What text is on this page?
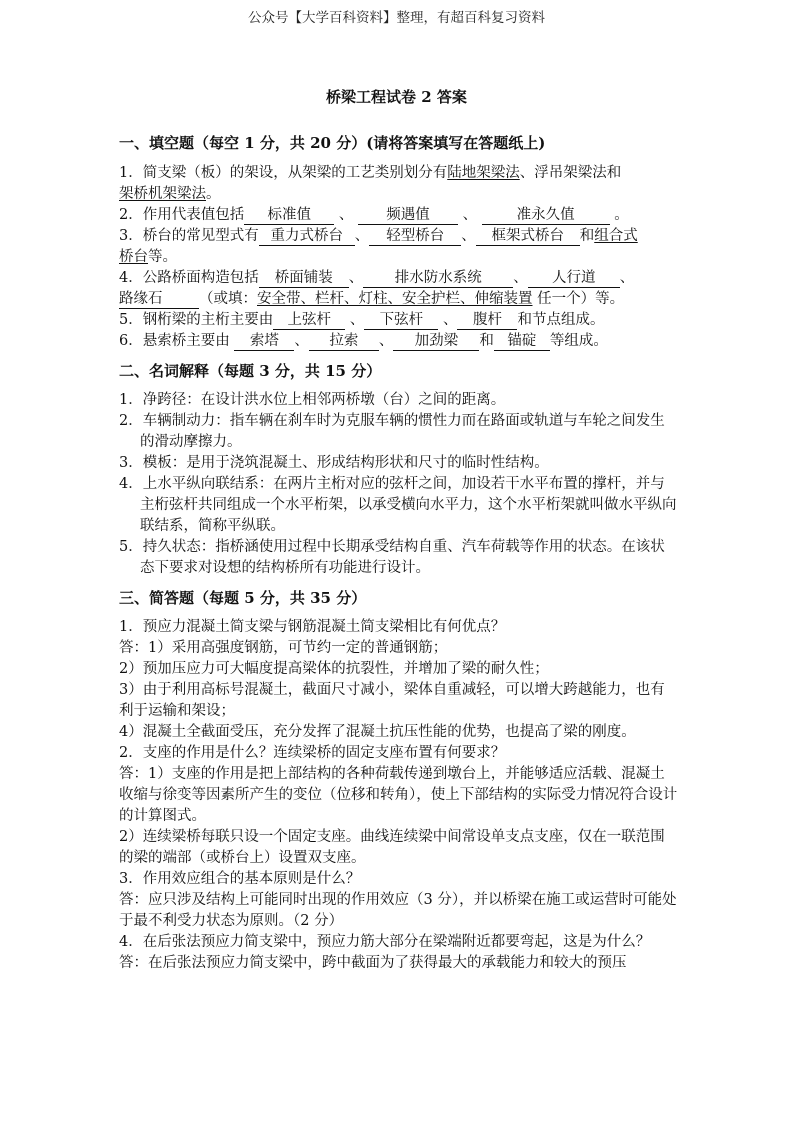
公众号【大学百科资料】整理，有超百科复习资料
桥梁工程试卷 2 答案

一、填空题（每空 1 分，共 20 分）(请将答案填写在答题纸上)

1．简支梁（板）的架设，从架梁的工艺类别划分有陆地架梁法、浮吊架梁法和
架桥机架梁法。

2．作用代表值包括 标准值 、 频遇值 、	准永久值	。

3．桥台的常见型式有 重力式桥台 、 轻型桥台 、 框架式桥台 和组合式
桥台等。

4．公路桥面构造包括 桥面铺装 、 排水防水系统 、 人行道 、
路缘石	（或填：安全带、栏杆、灯柱、安全护栏、伸缩装置 任一个）等。

5．钢桁梁的主桁主要由 上弦杆 、 下弦杆 、 腹杆 和节点组成。

6．悬索桥主要由 索塔 、 拉索 、 加劲梁 和 锚碇 等组成。

二、名词解释（每题 3 分，共 15 分）

1．净跨径：在设计洪水位上相邻两桥墩（台）之间的距离。

2．车辆制动力：指车辆在刹车时为克服车辆的惯性力而在路面或轨道与车轮之间发生的滑动摩擦力。

3．模板：是用于浇筑混凝土、形成结构形状和尺寸的临时性结构。

4．上水平纵向联结系：在两片主桁对应的弦杆之间，加设若干水平布置的撑杆，并与主桁弦杆共同组成一个水平桁架，以承受横向水平力，这个水平桁架就叫做水平纵向联结系，简称平纵联。

5．持久状态：指桥涵使用过程中长期承受结构自重、汽车荷载等作用的状态。在该状态下要求对设想的结构桥所有功能进行设计。

三、简答题（每题 5 分，共 35 分）

1．预应力混凝土简支梁与钢筋混凝土简支梁相比有何优点？

答：1）采用高强度钢筋，可节约一定的普通钢筋；

2）预加压应力可大幅度提高梁体的抗裂性，并增加了梁的耐久性；

3）由于利用高标号混凝土，截面尺寸减小，梁体自重减轻，可以增大跨越能力，也有利于运输和架设；

4）混凝土全截面受压，充分发挥了混凝土抗压性能的优势，也提高了梁的刚度。

2．支座的作用是什么？连续梁桥的固定支座布置有何要求？

答：1）支座的作用是把上部结构的各种荷载传递到墩台上，并能够适应活载、混凝土收缩与徐变等因素所产生的变位（位移和转角），使上下部结构的实际受力情况符合设计的计算图式。

2）连续梁桥每联只设一个固定支座。曲线连续梁中间常设单支点支座，仅在一联范围的梁的端部（或桥台上）设置双支座。

3．作用效应组合的基本原则是什么？

答：应只涉及结构上可能同时出现的作用效应（3 分），并以桥梁在施工或运营时可能处于最不利受力状态为原则。（2 分）

4．在后张法预应力简支梁中，预应力筋大部分在梁端附近都要弯起，这是为什么？

答：在后张法预应力简支梁中，跨中截面为了获得最大的承载能力和较大的预压
